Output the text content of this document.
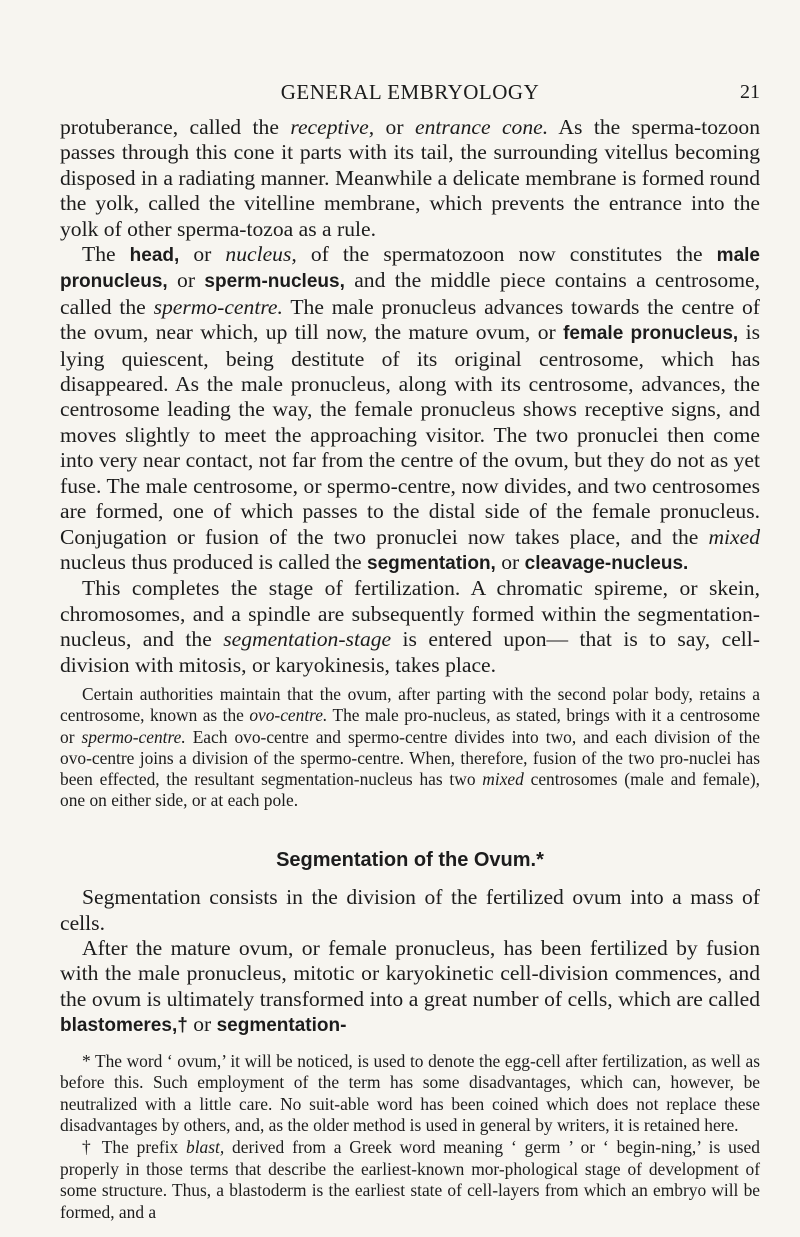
GENERAL EMBRYOLOGY	21

protuberance, called the receptive, or entrance cone. As the sperma-tozoon passes through this cone it parts with its tail, the surrounding vitellus becoming disposed in a radiating manner. Meanwhile a delicate membrane is formed round the yolk, called the vitelline membrane, which prevents the entrance into the yolk of other sperma-tozoa as a rule.

The head, or nucleus, of the spermatozoon now constitutes the male pronucleus, or sperm-nucleus, and the middle piece contains a centrosome, called the spermo-centre. The male pronucleus advances towards the centre of the ovum, near which, up till now, the mature ovum, or female pronucleus, is lying quiescent, being destitute of its original centrosome, which has disappeared. As the male pronucleus, along with its centrosome, advances, the centrosome leading the way, the female pronucleus shows receptive signs, and moves slightly to meet the approaching visitor. The two pronuclei then come into very near contact, not far from the centre of the ovum, but they do not as yet fuse. The male centrosome, or spermo-centre, now divides, and two centrosomes are formed, one of which passes to the distal side of the female pronucleus. Conjugation or fusion of the two pronuclei now takes place, and the mixed nucleus thus produced is called the segmentation, or cleavage-nucleus.

This completes the stage of fertilization. A chromatic spireme, or skein, chromosomes, and a spindle are subsequently formed within the segmentation-nucleus, and the segmentation-stage is entered upon— that is to say, cell-division with mitosis, or karyokinesis, takes place.

Certain authorities maintain that the ovum, after parting with the second polar body, retains a centrosome, known as the ovo-centre. The male pro-nucleus, as stated, brings with it a centrosome or spermo-centre. Each ovo-centre and spermo-centre divides into two, and each division of the ovo-centre joins a division of the spermo-centre. When, therefore, fusion of the two pro-nuclei has been effected, the resultant segmentation-nucleus has two mixed centrosomes (male and female), one on either side, or at each pole.

Segmentation of the Ovum.*

Segmentation consists in the division of the fertilized ovum into a mass of cells.

After the mature ovum, or female pronucleus, has been fertilized by fusion with the male pronucleus, mitotic or karyokinetic cell-division commences, and the ovum is ultimately transformed into a great number of cells, which are called blastomeres,† or segmentation-

* The word ‘ ovum,’ it will be noticed, is used to denote the egg-cell after fertilization, as well as before this. Such employment of the term has some disadvantages, which can, however, be neutralized with a little care. No suit-able word has been coined which does not replace these disadvantages by others, and, as the older method is used in general by writers, it is retained here.

† The prefix blast, derived from a Greek word meaning ‘ germ ’ or ‘ begin-ning,’ is used properly in those terms that describe the earliest-known mor-phological stage of development of some structure. Thus, a blastoderm is the earliest state of cell-layers from which an embryo will be formed, and a
